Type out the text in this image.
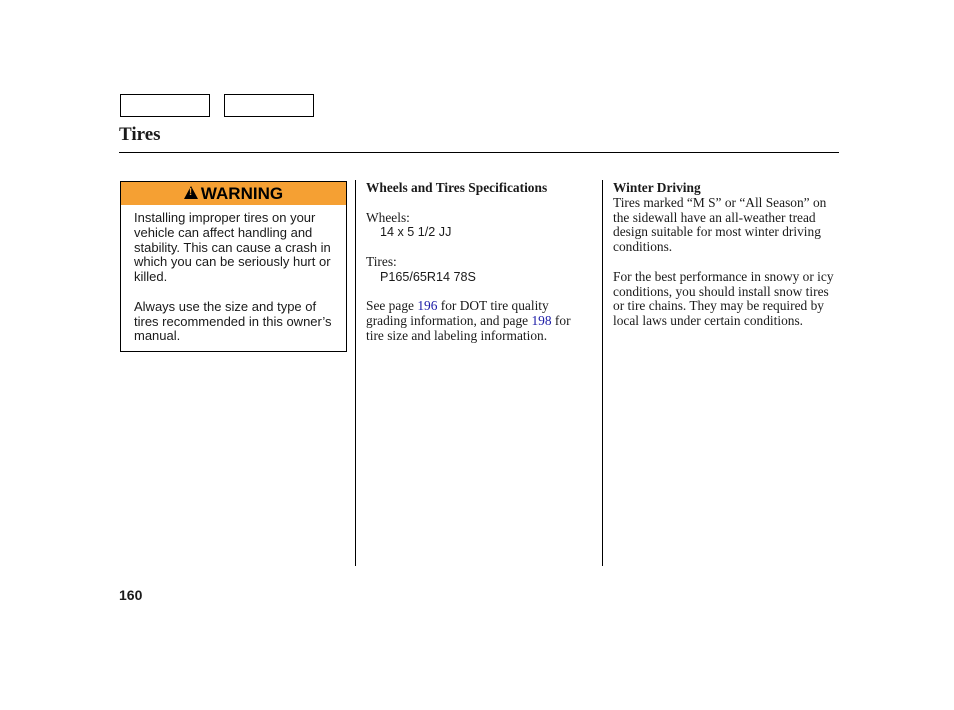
Tires
!
WARNING

Installing improper tires on your vehicle can affect handling and stability. This can cause a crash in which you can be seriously hurt or killed.

Always use the size and type of tires recommended in this owner’s manual.

Wheels and Tires Specifications
Wheels:
14 x 5 1/2 JJ
Tires:
P165/65R14 78S

See page 196 for DOT tire quality grading information, and page 198 for tire size and labeling information.

Winter Driving

Tires marked “M S” or “All Season” on the sidewall have an all-weather tread design suitable for most winter driving conditions.

For the best performance in snowy or icy conditions, you should install snow tires or tire chains. They may be required by local laws under certain conditions.

160
